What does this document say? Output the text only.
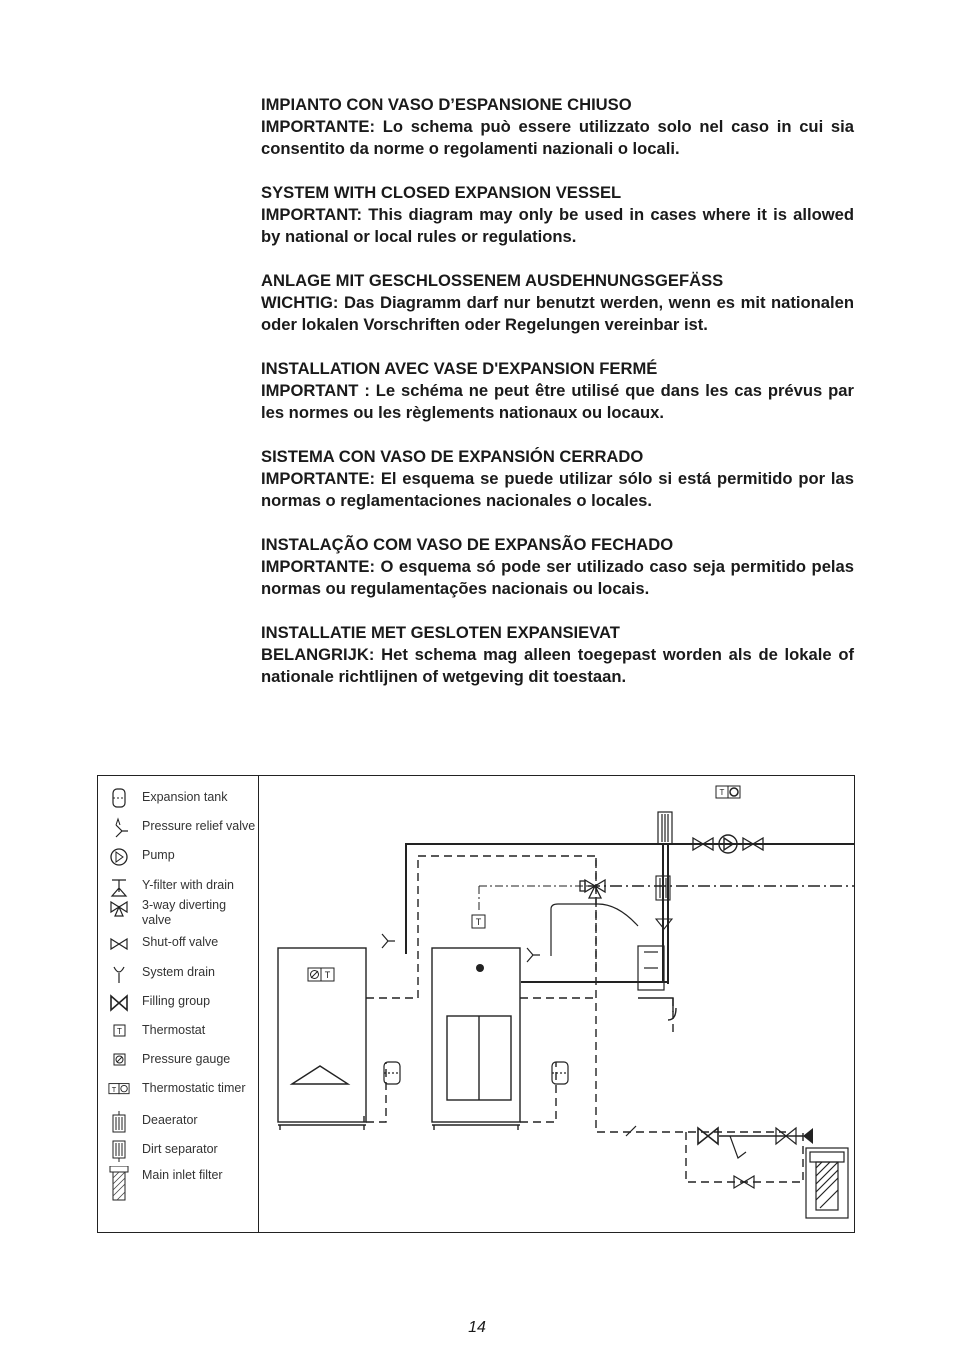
IMPIANTO CON VASO D’ESPANSIONE CHIUSO

IMPORTANTE: Lo schema può essere utilizzato solo nel caso in cui sia consentito da norme o regolamenti nazionali o locali.

SYSTEM WITH CLOSED EXPANSION VESSEL

IMPORTANT: This diagram may only be used in cases where it is allowed by national or local rules or regulations.

ANLAGE MIT GESCHLOSSENEM AUSDEHNUNGSGEFÄSS

WICHTIG: Das Diagramm darf nur benutzt werden, wenn es mit nationalen oder lokalen Vorschriften oder Regelungen vereinbar ist.

INSTALLATION AVEC VASE D'EXPANSION FERMÉ

IMPORTANT : Le schéma ne peut être utilisé que dans les cas prévus par les normes ou les règlements nationaux ou locaux.

SISTEMA CON VASO DE EXPANSIÓN CERRADO

IMPORTANTE: El esquema se puede utilizar sólo si está permitido por las normas o reglamentaciones nacionales o locales.

INSTALAÇÃO COM VASO DE EXPANSÃO FECHADO

IMPORTANTE: O esquema só pode ser utilizado caso seja permitido pelas normas ou regulamentações nacionais ou locais.

INSTALLATIE MET GESLOTEN EXPANSIEVAT

BELANGRIJK: Het schema mag alleen toegepast worden als de lokale of nationale richtlijnen of wetgeving dit toestaan.

Expansion tank
Pressure relief valve
Pump
Y-filter with drain
3-way diverting valve
Shut-off valve
System drain
Filling group
T Thermostat
Pressure gauge
T Thermostatic timer
Deaerator
Dirt separator
Main inlet filter
T
T
T
14
